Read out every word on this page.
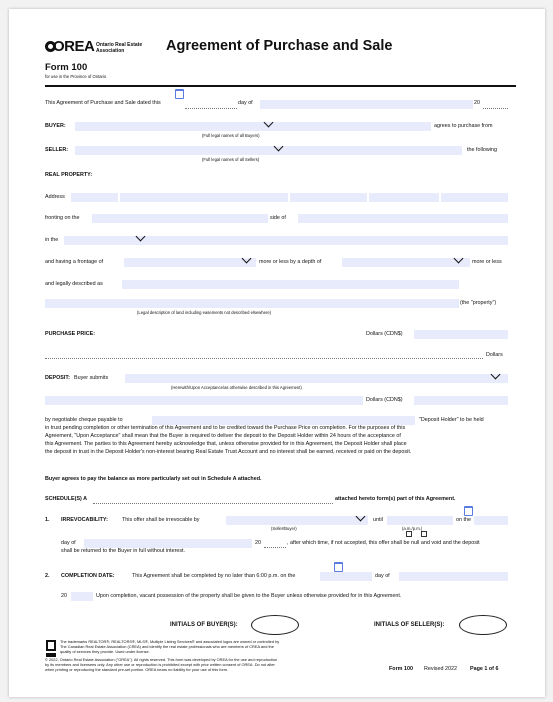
OREA Ontario Real Estate
Association	Agreement of Purchase and Sale
Form 100
for use in the Province of Ontario
This Agreement of Purchase and Sale dated this	day of	20
BUYER:	agrees to purchase from
(Full legal names of all Buyers)
SELLER:	the following
(Full legal names of all Sellers)
REAL PROPERTY:
Address
fronting on the	side of
in the
and having a frontage of	more or less by a depth of	more or less
and legally described as
(the "property")
(Legal description of land including easements not described elsewhere)
PURCHASE PRICE:	Dollars (CDN$)
Dollars
DEPOSIT: Buyer submits
(Herewith/Upon Acceptance/as otherwise described in this Agreement)
Dollars (CDN$)
by negotiable cheque payable to	"Deposit Holder" to be held
in trust pending completion or other termination of this Agreement and to be credited toward the Purchase Price on completion. For the purposes of this
Agreement, "Upon Acceptance" shall mean that the Buyer is required to deliver the deposit to the Deposit Holder within 24 hours of the acceptance of
this Agreement. The parties to this Agreement hereby acknowledge that, unless otherwise provided for in this Agreement, the Deposit Holder shall place
the deposit in trust in the Deposit Holder's non-interest bearing Real Estate Trust Account and no interest shall be earned, received or paid on the deposit.
Buyer agrees to pay the balance as more particularly set out in Schedule A attached.
SCHEDULE(S) A	attached hereto form(s) part of this Agreement.
1. IRREVOCABILITY:	This offer shall be irrevocable by	until	on the
(Seller/Buyer)	(a.m./p.m.)
day of	20	, after which time, if not accepted, this offer shall be null and void and the deposit
shall be returned to the Buyer in full without interest.
2. COMPLETION DATE:	This Agreement shall be completed by no later than 6:00 p.m. on the	day of
20	Upon completion, vacant possession of the property shall be given to the Buyer unless otherwise provided for in this Agreement.
INITIALS OF BUYER(S):	INITIALS OF SELLER(S):
The trademarks REALTOR®, REALTORS®, MLS®, Multiple Listing Services® and associated logos are owned or controlled by
The Canadian Real Estate Association (CREA) and identify the real estate professionals who are members of CREA and the
quality of services they provide. Used under license.
© 2022, Ontario Real Estate Association ("OREA"). All rights reserved. This form was developed by OREA for the use and reproduction
by its members and licensees only. Any other use or reproduction is prohibited except with prior written consent of OREA. Do not alter
when printing or reproducing the standard pre-set portion. OREA bears no liability for your use of this form.	Form 100 Revised 2022 Page 1 of 6
